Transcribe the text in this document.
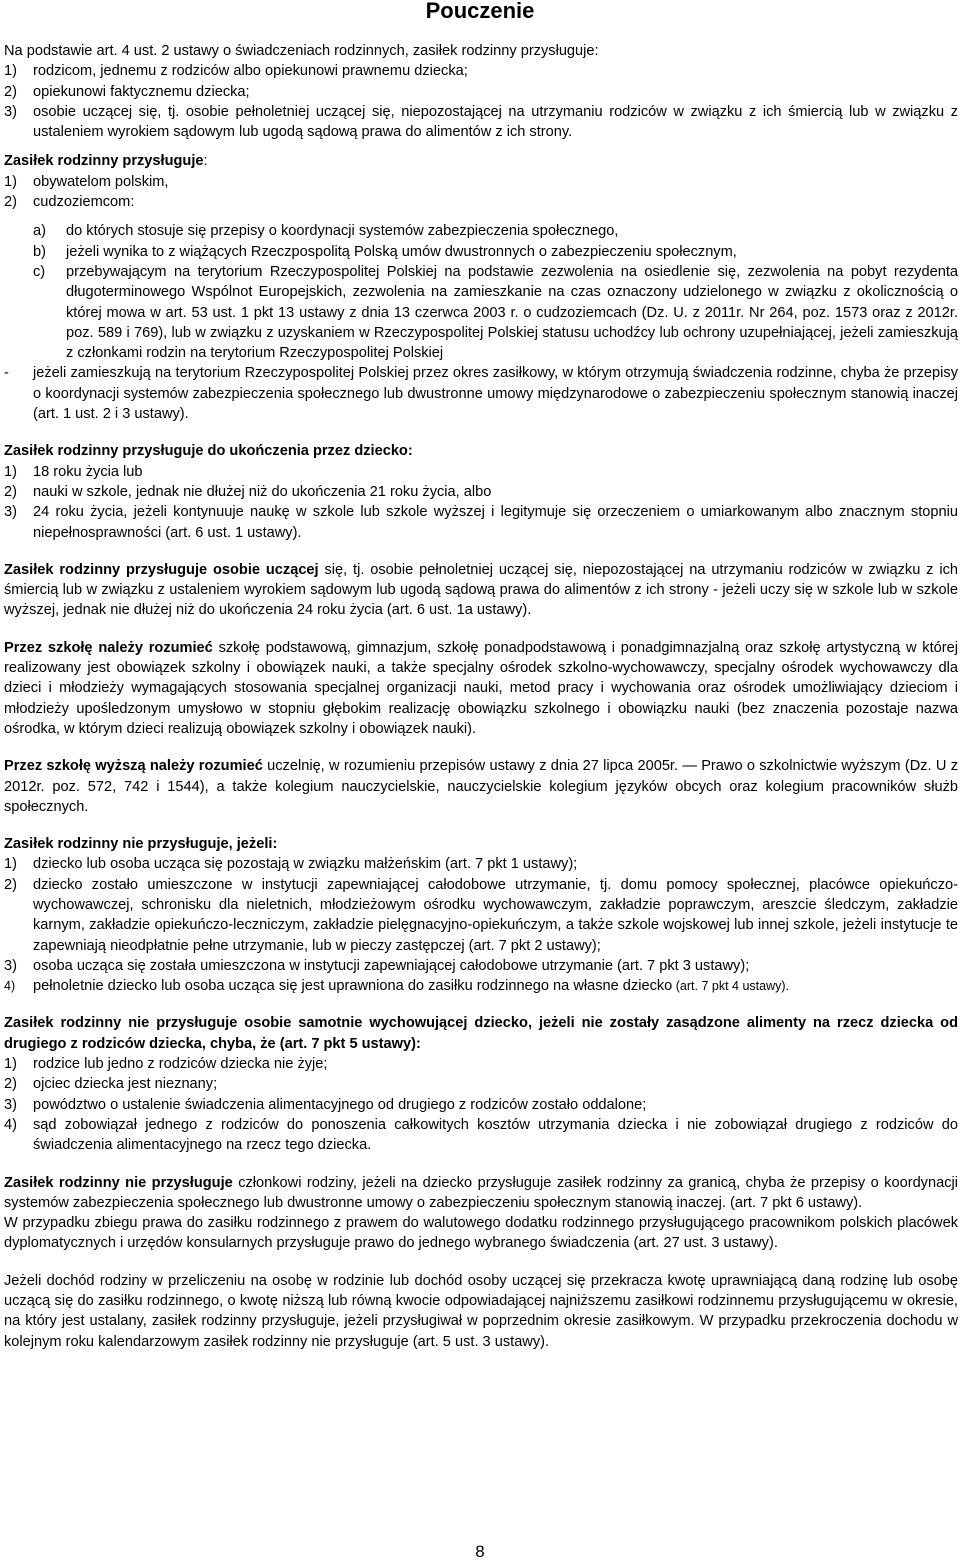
Pouczenie

Na podstawie art. 4 ust. 2 ustawy o świadczeniach rodzinnych, zasiłek rodzinny przysługuje:

1) rodzicom, jednemu z rodziców albo opiekunowi prawnemu dziecka;

2) opiekunowi faktycznemu dziecka;

3) osobie uczącej się, tj. osobie pełnoletniej uczącej się, niepozostającej na utrzymaniu rodziców w związku z ich śmiercią lub w związku z ustaleniem wyrokiem sądowym lub ugodą sądową prawa do alimentów z ich strony.

Zasiłek rodzinny przysługuje:

1) obywatelom polskim,

2) cudzoziemcom:

a) do których stosuje się przepisy o koordynacji systemów zabezpieczenia społecznego,

b) jeżeli wynika to z wiążących Rzeczpospolitą Polską umów dwustronnych o zabezpieczeniu społecznym,

c) przebywającym na terytorium Rzeczypospolitej Polskiej na podstawie zezwolenia na osiedlenie się, zezwolenia na pobyt rezydenta długoterminowego Wspólnot Europejskich, zezwolenia na zamieszkanie na czas oznaczony udzielonego w związku z okolicznością o której mowa w art. 53 ust. 1 pkt 13 ustawy z dnia 13 czerwca 2003 r. o cudzoziemcach (Dz. U. z 2011r. Nr 264, poz. 1573 oraz z 2012r. poz. 589 i 769), lub w związku z uzyskaniem w Rzeczypospolitej Polskiej statusu uchodźcy lub ochrony uzupełniającej, jeżeli zamieszkują z członkami rodzin na terytorium Rzeczypospolitej Polskiej

- jeżeli zamieszkują na terytorium Rzeczypospolitej Polskiej przez okres zasiłkowy, w którym otrzymują świadczenia rodzinne, chyba że przepisy o koordynacji systemów zabezpieczenia społecznego lub dwustronne umowy międzynarodowe o zabezpieczeniu społecznym stanowią inaczej (art. 1 ust. 2 i 3 ustawy).

Zasiłek rodzinny przysługuje do ukończenia przez dziecko:

1) 18 roku życia lub

2) nauki w szkole, jednak nie dłużej niż do ukończenia 21 roku życia, albo

3) 24 roku życia, jeżeli kontynuuje naukę w szkole lub szkole wyższej i legitymuje się orzeczeniem o umiarkowanym albo znacznym stopniu niepełnosprawności (art. 6 ust. 1 ustawy).

Zasiłek rodzinny przysługuje osobie uczącej się, tj. osobie pełnoletniej uczącej się, niepozostającej na utrzymaniu rodziców w związku z ich śmiercią lub w związku z ustaleniem wyrokiem sądowym lub ugodą sądową prawa do alimentów z ich strony - jeżeli uczy się w szkole lub w szkole wyższej, jednak nie dłużej niż do ukończenia 24 roku życia (art. 6 ust. 1a ustawy).

Przez szkołę należy rozumieć szkołę podstawową, gimnazjum, szkołę ponadpodstawową i ponadgimnazjalną oraz szkołę artystyczną w której realizowany jest obowiązek szkolny i obowiązek nauki, a także specjalny ośrodek szkolno-wychowawczy, specjalny ośrodek wychowawczy dla dzieci i młodzieży wymagających stosowania specjalnej organizacji nauki, metod pracy i wychowania oraz ośrodek umożliwiający dzieciom i młodzieży upośledzonym umysłowo w stopniu głębokim realizację obowiązku szkolnego i obowiązku nauki (bez znaczenia pozostaje nazwa ośrodka, w którym dzieci realizują obowiązek szkolny i obowiązek nauki).

Przez szkołę wyższą należy rozumieć uczelnię, w rozumieniu przepisów ustawy z dnia 27 lipca 2005r. — Prawo o szkolnictwie wyższym (Dz. U z 2012r. poz. 572, 742 i 1544), a także kolegium nauczycielskie, nauczycielskie kolegium języków obcych oraz kolegium pracowników służb społecznych.

Zasiłek rodzinny nie przysługuje, jeżeli:

1) dziecko lub osoba ucząca się pozostają w związku małżeńskim (art. 7 pkt 1 ustawy);

2) dziecko zostało umieszczone w instytucji zapewniającej całodobowe utrzymanie, tj. domu pomocy społecznej, placówce opiekuńczo-wychowawczej, schronisku dla nieletnich, młodzieżowym ośrodku wychowawczym, zakładzie poprawczym, areszcie śledczym, zakładzie karnym, zakładzie opiekuńczo-leczniczym, zakładzie pielęgnacyjno-opiekuńczym, a także szkole wojskowej lub innej szkole, jeżeli instytucje te zapewniają nieodpłatnie pełne utrzymanie, lub w pieczy zastępczej (art. 7 pkt 2 ustawy);

3) osoba ucząca się została umieszczona w instytucji zapewniającej całodobowe utrzymanie (art. 7 pkt 3 ustawy);

4) pełnoletnie dziecko lub osoba ucząca się jest uprawniona do zasiłku rodzinnego na własne dziecko (art. 7 pkt 4 ustawy).

Zasiłek rodzinny nie przysługuje osobie samotnie wychowującej dziecko, jeżeli nie zostały zasądzone alimenty na rzecz dziecka od drugiego z rodziców dziecka, chyba, że (art. 7 pkt 5 ustawy):

1) rodzice lub jedno z rodziców dziecka nie żyje;

2) ojciec dziecka jest nieznany;

3) powództwo o ustalenie świadczenia alimentacyjnego od drugiego z rodziców zostało oddalone;

4) sąd zobowiązał jednego z rodziców do ponoszenia całkowitych kosztów utrzymania dziecka i nie zobowiązał drugiego z rodziców do świadczenia alimentacyjnego na rzecz tego dziecka.

Zasiłek rodzinny nie przysługuje członkowi rodziny, jeżeli na dziecko przysługuje zasiłek rodzinny za granicą, chyba że przepisy o koordynacji systemów zabezpieczenia społecznego lub dwustronne umowy o zabezpieczeniu społecznym stanowią inaczej. (art. 7 pkt 6 ustawy).

W przypadku zbiegu prawa do zasiłku rodzinnego z prawem do walutowego dodatku rodzinnego przysługującego pracownikom polskich placówek dyplomatycznych i urzędów konsularnych przysługuje prawo do jednego wybranego świadczenia (art. 27 ust. 3 ustawy).

Jeżeli dochód rodziny w przeliczeniu na osobę w rodzinie lub dochód osoby uczącej się przekracza kwotę uprawniającą daną rodzinę lub osobę uczącą się do zasiłku rodzinnego, o kwotę niższą lub równą kwocie odpowiadającej najniższemu zasiłkowi rodzinnemu przysługującemu w okresie, na który jest ustalany, zasiłek rodzinny przysługuje, jeżeli przysługiwał w poprzednim okresie zasiłkowym. W przypadku przekroczenia dochodu w kolejnym roku kalendarzowym zasiłek rodzinny nie przysługuje (art. 5 ust. 3 ustawy).

8
